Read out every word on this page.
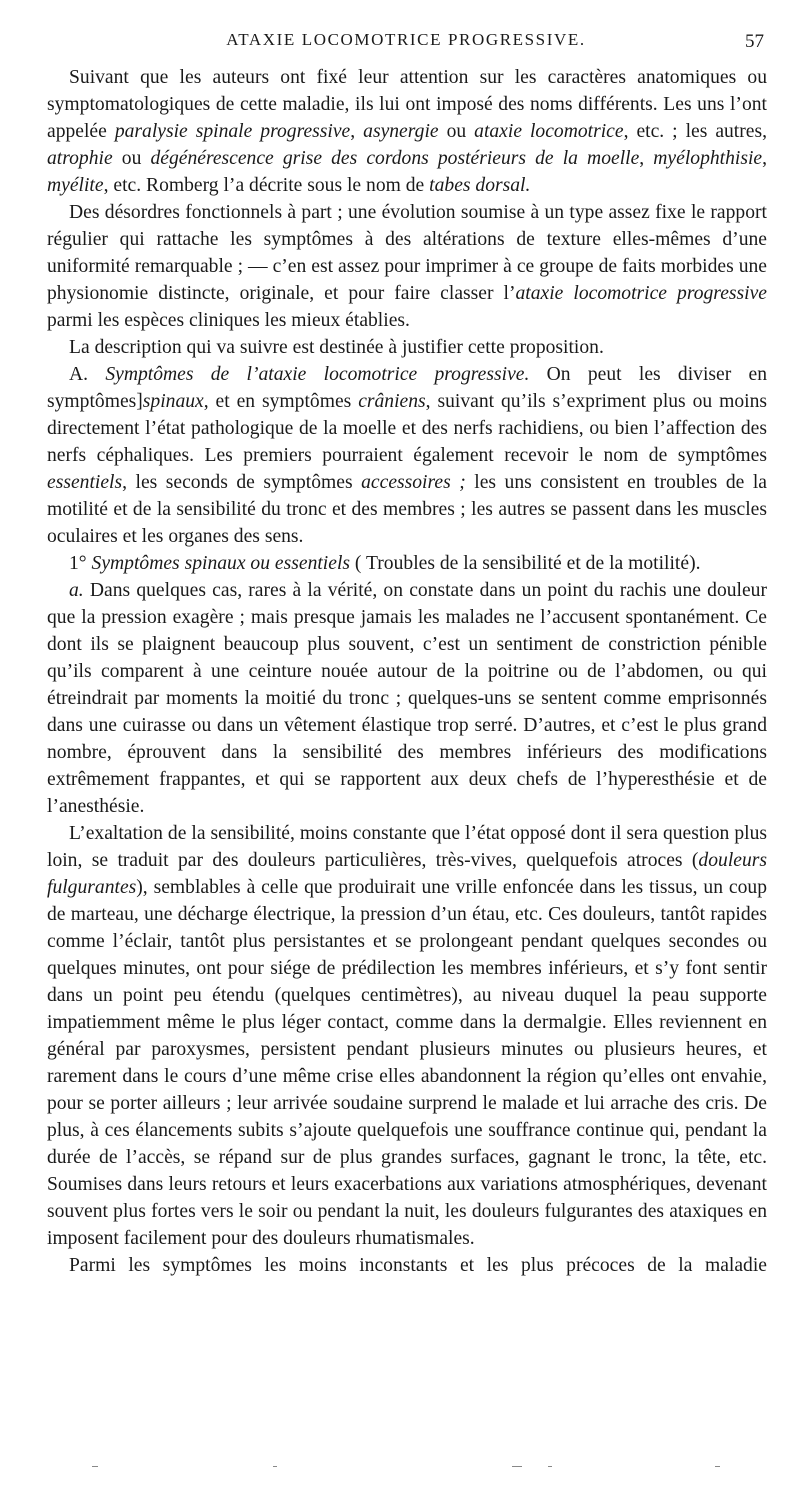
ATAXIE LOCOMOTRICE PROGRESSIVE.	57

Suivant que les auteurs ont fixé leur attention sur les caractères anatomiques ou symptomatologiques de cette maladie, ils lui ont imposé des noms différents. Les uns l’ont appelée paralysie spinale progressive, asynergie ou ataxie locomotrice, etc. ; les autres, atrophie ou dégénérescence grise des cordons postérieurs de la moelle, myélophthisie, myélite, etc. Romberg l’a décrite sous le nom de tabes dorsal.

Des désordres fonctionnels à part ; une évolution soumise à un type assez fixe le rapport régulier qui rattache les symptômes à des altérations de texture elles-mêmes d’une uniformité remarquable ; — c’en est assez pour imprimer à ce groupe de faits morbides une physionomie distincte, originale, et pour faire classer l’ataxie locomotrice progressive parmi les espèces cliniques les mieux établies.

La description qui va suivre est destinée à justifier cette proposition.

A. Symptômes de l’ataxie locomotrice progressive. On peut les diviser en symptômes]spinaux, et en symptômes crâniens, suivant qu’ils s’expriment plus ou moins directement l’état pathologique de la moelle et des nerfs rachidiens, ou bien l’affection des nerfs céphaliques. Les premiers pourraient également recevoir le nom de symptômes essentiels, les seconds de symptômes accessoires ; les uns consistent en troubles de la motilité et de la sensibilité du tronc et des membres ; les autres se passent dans les muscles oculaires et les organes des sens.

1° Symptômes spinaux ou essentiels ( Troubles de la sensibilité et de la motilité).

a. Dans quelques cas, rares à la vérité, on constate dans un point du rachis une douleur que la pression exagère ; mais presque jamais les malades ne l’accusent spontanément. Ce dont ils se plaignent beaucoup plus souvent, c’est un sentiment de constriction pénible qu’ils comparent à une ceinture nouée autour de la poitrine ou de l’abdomen, ou qui étreindrait par moments la moitié du tronc ; quelques-uns se sentent comme emprisonnés dans une cuirasse ou dans un vêtement élastique trop serré. D’autres, et c’est le plus grand nombre, éprouvent dans la sensibilité des membres inférieurs des modifications extrêmement frappantes, et qui se rapportent aux deux chefs de l’hyperesthésie et de l’anesthésie.

L’exaltation de la sensibilité, moins constante que l’état opposé dont il sera question plus loin, se traduit par des douleurs particulières, très-vives, quelquefois atroces (douleurs fulgurantes), semblables à celle que produirait une vrille enfoncée dans les tissus, un coup de marteau, une décharge électrique, la pression d’un étau, etc. Ces douleurs, tantôt rapides comme l’éclair, tantôt plus persistantes et se prolongeant pendant quelques secondes ou quelques minutes, ont pour siége de prédilection les membres inférieurs, et s’y font sentir dans un point peu étendu (quelques centimètres), au niveau duquel la peau supporte impatiemment même le plus léger contact, comme dans la dermalgie. Elles reviennent en général par paroxysmes, persistent pendant plusieurs minutes ou plusieurs heures, et rarement dans le cours d’une même crise elles abandonnent la région qu’elles ont envahie, pour se porter ailleurs ; leur arrivée soudaine surprend le malade et lui arrache des cris. De plus, à ces élancements subits s’ajoute quelquefois une souffrance continue qui, pendant la durée de l’accès, se répand sur de plus grandes surfaces, gagnant le tronc, la tête, etc. Soumises dans leurs retours et leurs exacerbations aux variations atmosphériques, devenant souvent plus fortes vers le soir ou pendant la nuit, les douleurs fulgurantes des ataxiques en imposent facilement pour des douleurs rhumatismales.

Parmi les symptômes les moins inconstants et les plus précoces de la maladie
